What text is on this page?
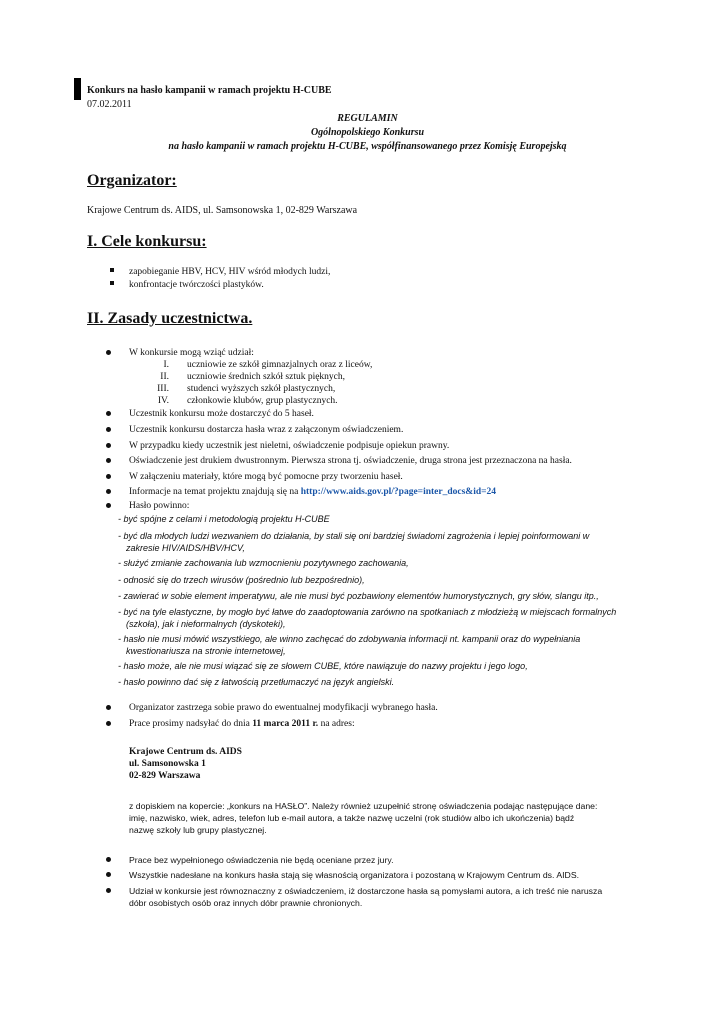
Konkurs na hasło kampanii w ramach projektu H-CUBE
07.02.2011
REGULAMIN
Ogólnopolskiego Konkursu
na hasło kampanii w ramach projektu H-CUBE, współfinansowanego przez Komisję Europejską
Organizator:
Krajowe Centrum ds. AIDS, ul. Samsonowska 1, 02-829 Warszawa
I. Cele konkursu:
zapobieganie HBV, HCV, HIV wśród młodych ludzi,
konfrontacje twórczości plastyków.
II. Zasady uczestnictwa.
W konkursie mogą wziąć udział:
I. uczniowie ze szkół gimnazjalnych oraz z liceów,
II. uczniowie średnich szkół sztuk pięknych,
III. studenci wyższych szkół plastycznych,
IV. członkowie klubów, grup plastycznych.
Uczestnik konkursu może dostarczyć do 5 haseł.
Uczestnik konkursu dostarcza hasła wraz z załączonym oświadczeniem.
W przypadku kiedy uczestnik jest nieletni, oświadczenie podpisuje opiekun prawny.
Oświadczenie jest drukiem dwustronnym. Pierwsza strona tj. oświadczenie, druga strona jest przeznaczona na hasła.
W załączeniu materiały, które mogą być pomocne przy tworzeniu haseł.
Informacje na temat projektu znajdują się na http://www.aids.gov.pl/?page=inter_docs&id=24
Hasło powinno:
- być spójne z celami i metodologią projektu H-CUBE
- być dla młodych ludzi wezwaniem do działania, by stali się oni bardziej świadomi zagrożenia i lepiej poinformowani w
zakresie HIV/AIDS/HBV/HCV,
- służyć zmianie zachowania lub wzmocnieniu pozytywnego zachowania,
- odnosić się do trzech wirusów (pośrednio lub bezpośrednio),
- zawierać w sobie element imperatywu, ale nie musi być pozbawiony elementów humorystycznych, gry słów, slangu itp.,
- być na tyle elastyczne, by mogło być łatwe do zaadoptowania zarówno na spotkaniach z młodzieżą w miejscach formalnych
(szkoła), jak i nieformalnych (dyskoteki),
- hasło nie musi mówić wszystkiego, ale winno zachęcać do zdobywania informacji nt. kampanii oraz do wypełniania
kwestionariusza na stronie internetowej,
- hasło może, ale nie musi wiązać się ze słowem CUBE, które nawiązuje do nazwy projektu i jego logo,
- hasło powinno dać się z łatwością przetłumaczyć na język angielski.
Organizator zastrzega sobie prawo do ewentualnej modyfikacji wybranego hasła.
Prace prosimy nadsyłać do dnia 11 marca 2011 r. na adres:
Krajowe Centrum ds. AIDS
ul. Samsonowska 1
02-829 Warszawa
z dopiskiem na kopercie: „konkurs na HASŁO”. Należy również uzupełnić stronę oświadczenia podając następujące dane:
imię, nazwisko, wiek, adres, telefon lub e-mail autora, a także nazwę uczelni (rok studiów albo ich ukończenia) bądź
nazwę szkoły lub grupy plastycznej.
Prace bez wypełnionego oświadczenia nie będą oceniane przez jury.
Wszystkie nadesłane na konkurs hasła stają się własnością organizatora i pozostaną w Krajowym Centrum ds. AIDS.
Udział w konkursie jest równoznaczny z oświadczeniem, iż dostarczone hasła są pomysłami autora, a ich treść nie narusza
dóbr osobistych osób oraz innych dóbr prawnie chronionych.
